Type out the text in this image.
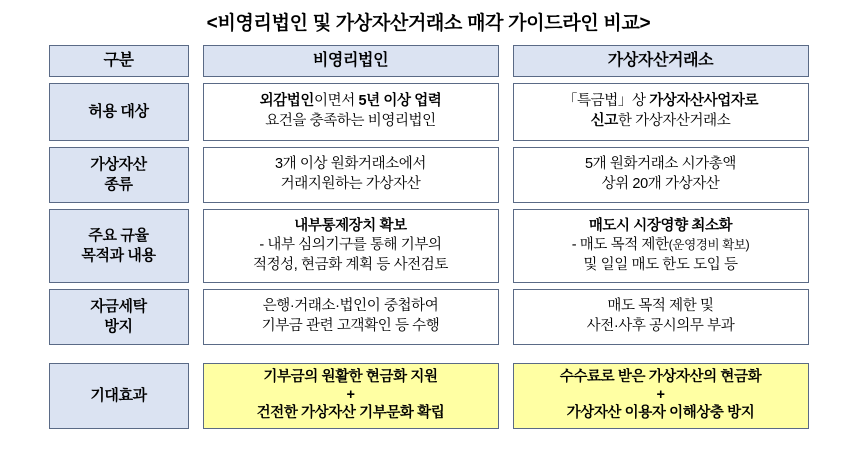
<비영리법인 및 가상자산거래소 매각 가이드라인 비교>
구분	비영리법인	가상자산거래소
허용 대상
외감법인이면서 5년 이상 업력
요건을 충족하는 비영리법인
「특금법」상 가상자산사업자로
신고한 가상자산거래소
가상자산
종류
3개 이상 원화거래소에서
거래지원하는 가상자산
5개 원화거래소 시가총액
상위 20개 가상자산
주요 규율
목적과 내용
내부통제장치 확보
- 내부 심의기구를 통해 기부의
적정성, 현금화 계획 등 사전검토
매도시 시장영향 최소화
- 매도 목적 제한(운영경비 확보)
및 일일 매도 한도 도입 등
자금세탁
방지
은행·거래소·법인이 중첩하여
기부금 관련 고객확인 등 수행
매도 목적 제한 및
사전·사후 공시의무 부과
기대효과
기부금의 원활한 현금화 지원
+
건전한 가상자산 기부문화 확립
수수료로 받은 가상자산의 현금화
+
가상자산 이용자 이해상충 방지
